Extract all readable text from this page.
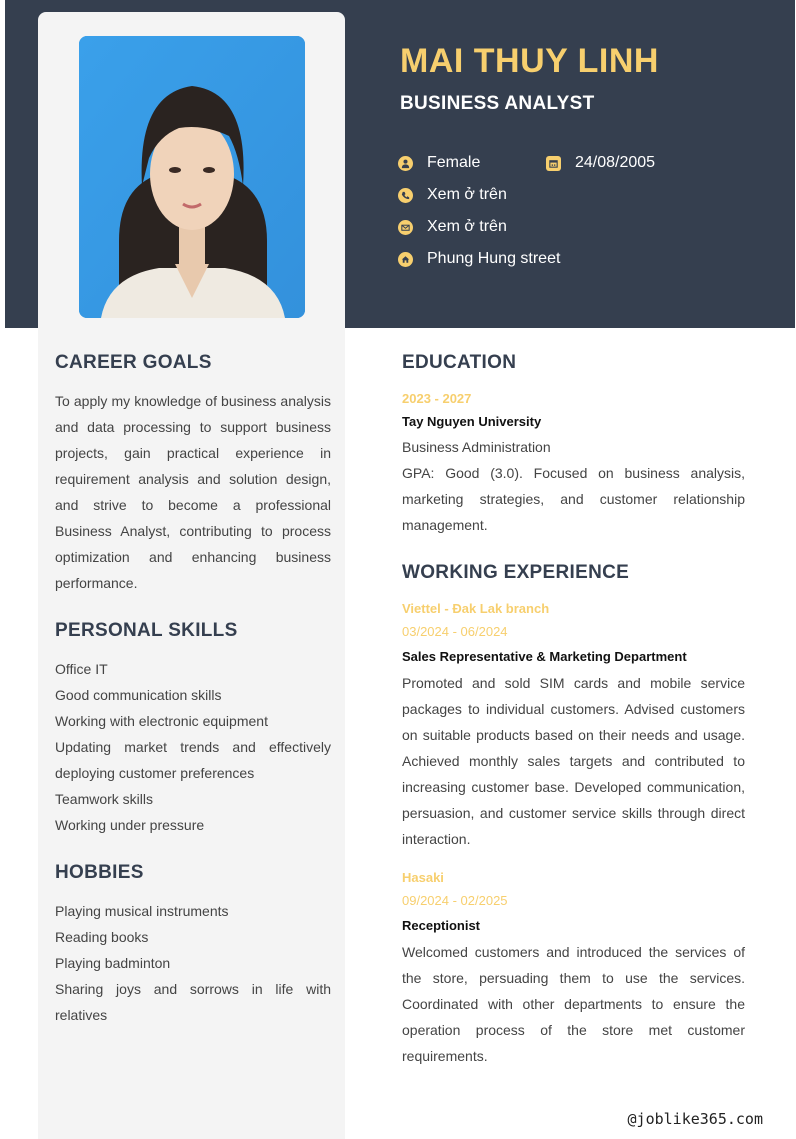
MAI THUY LINH
BUSINESS ANALYST
Female	24/08/2005
Xem ở trên
Xem ở trên
Phung Hung street
CAREER GOALS

To apply my knowledge of business analysis and data processing to support business projects, gain practical experience in requirement analysis and solution design, and strive to become a professional Business Analyst, contributing to process optimization and enhancing business performance.

PERSONAL SKILLS
Office IT
Good communication skills
Working with electronic equipment
Updating market trends and effectively deploying customer preferences
Teamwork skills
Working under pressure
HOBBIES
Playing musical instruments
Reading books
Playing badminton
Sharing joys and sorrows in life with relatives
EDUCATION
2023 - 2027
Tay Nguyen University
Business Administration

GPA: Good (3.0). Focused on business analysis, marketing strategies, and customer relationship management.

WORKING EXPERIENCE
Viettel - Đak Lak branch
03/2024 - 06/2024
Sales Representative & Marketing Department

Promoted and sold SIM cards and mobile service packages to individual customers. Advised customers on suitable products based on their needs and usage. Achieved monthly sales targets and contributed to increasing customer base. Developed communication, persuasion, and customer service skills through direct interaction.

Hasaki
09/2024 - 02/2025
Receptionist

Welcomed customers and introduced the services of the store, persuading them to use the services. Coordinated with other departments to ensure the operation process of the store met customer requirements.

@joblike365.com
